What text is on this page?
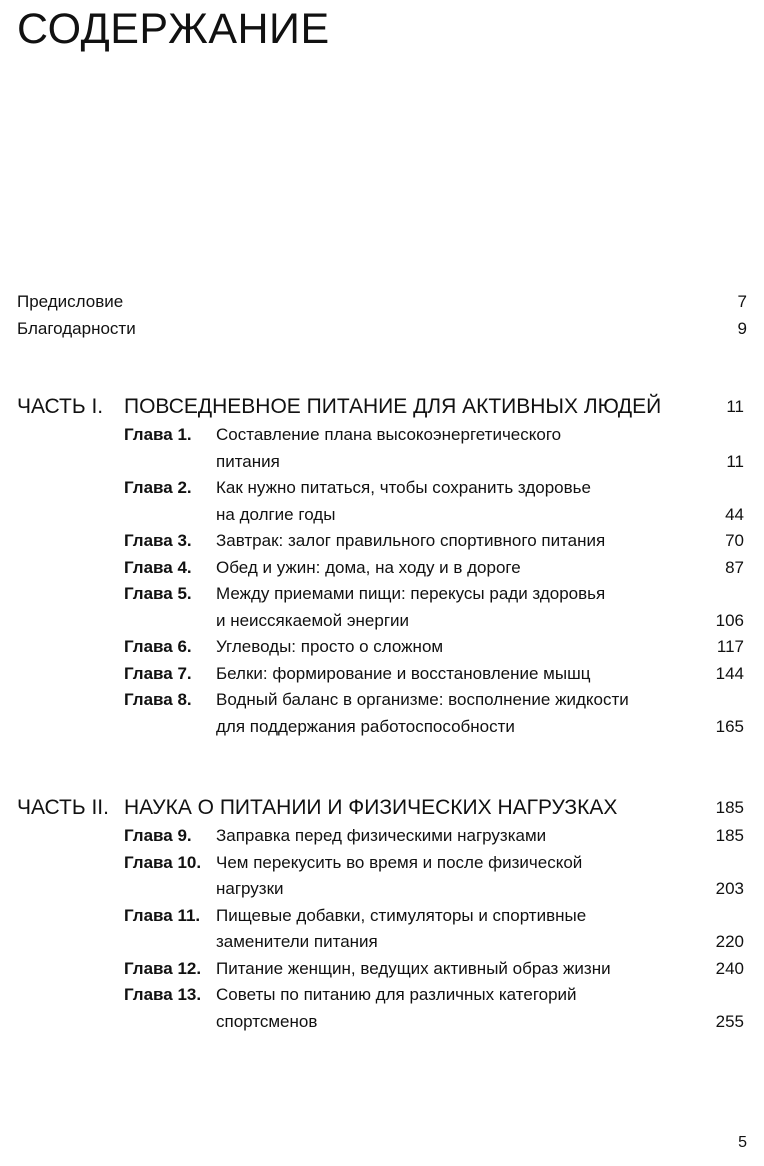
СОДЕРЖАНИЕ
Предисловие	7
Благодарности	9
ЧАСТЬ I. ПОВСЕДНЕВНОЕ ПИТАНИЕ ДЛЯ АКТИВНЫХ ЛЮДЕЙ	11
Глава 1.	Составление плана высокоэнергетического
питания	11
Глава 2.	Как нужно питаться, чтобы сохранить здоровье
на долгие годы	44
Глава 3.	Завтрак: залог правильного спортивного питания	70
Глава 4.	Обед и ужин: дома, на ходу и в дороге	87
Глава 5.	Между приемами пищи: перекусы ради здоровья
и неиссякаемой энергии	106
Глава 6.	Углеводы: просто о сложном	117
Глава 7.	Белки: формирование и восстановление мышц	144
Глава 8.	Водный баланс в организме: восполнение жидкости
для поддержания работоспособности	165
ЧАСТЬ II. НАУКА О ПИТАНИИ И ФИЗИЧЕСКИХ НАГРУЗКАХ	185
Глава 9.	Заправка перед физическими нагрузками	185
Глава 10. Чем перекусить во время и после физической
нагрузки	203
Глава 11. Пищевые добавки, стимуляторы и спортивные
заменители питания	220
Глава 12. Питание женщин, ведущих активный образ жизни	240
Глава 13. Советы по питанию для различных категорий
спортсменов	255
5
